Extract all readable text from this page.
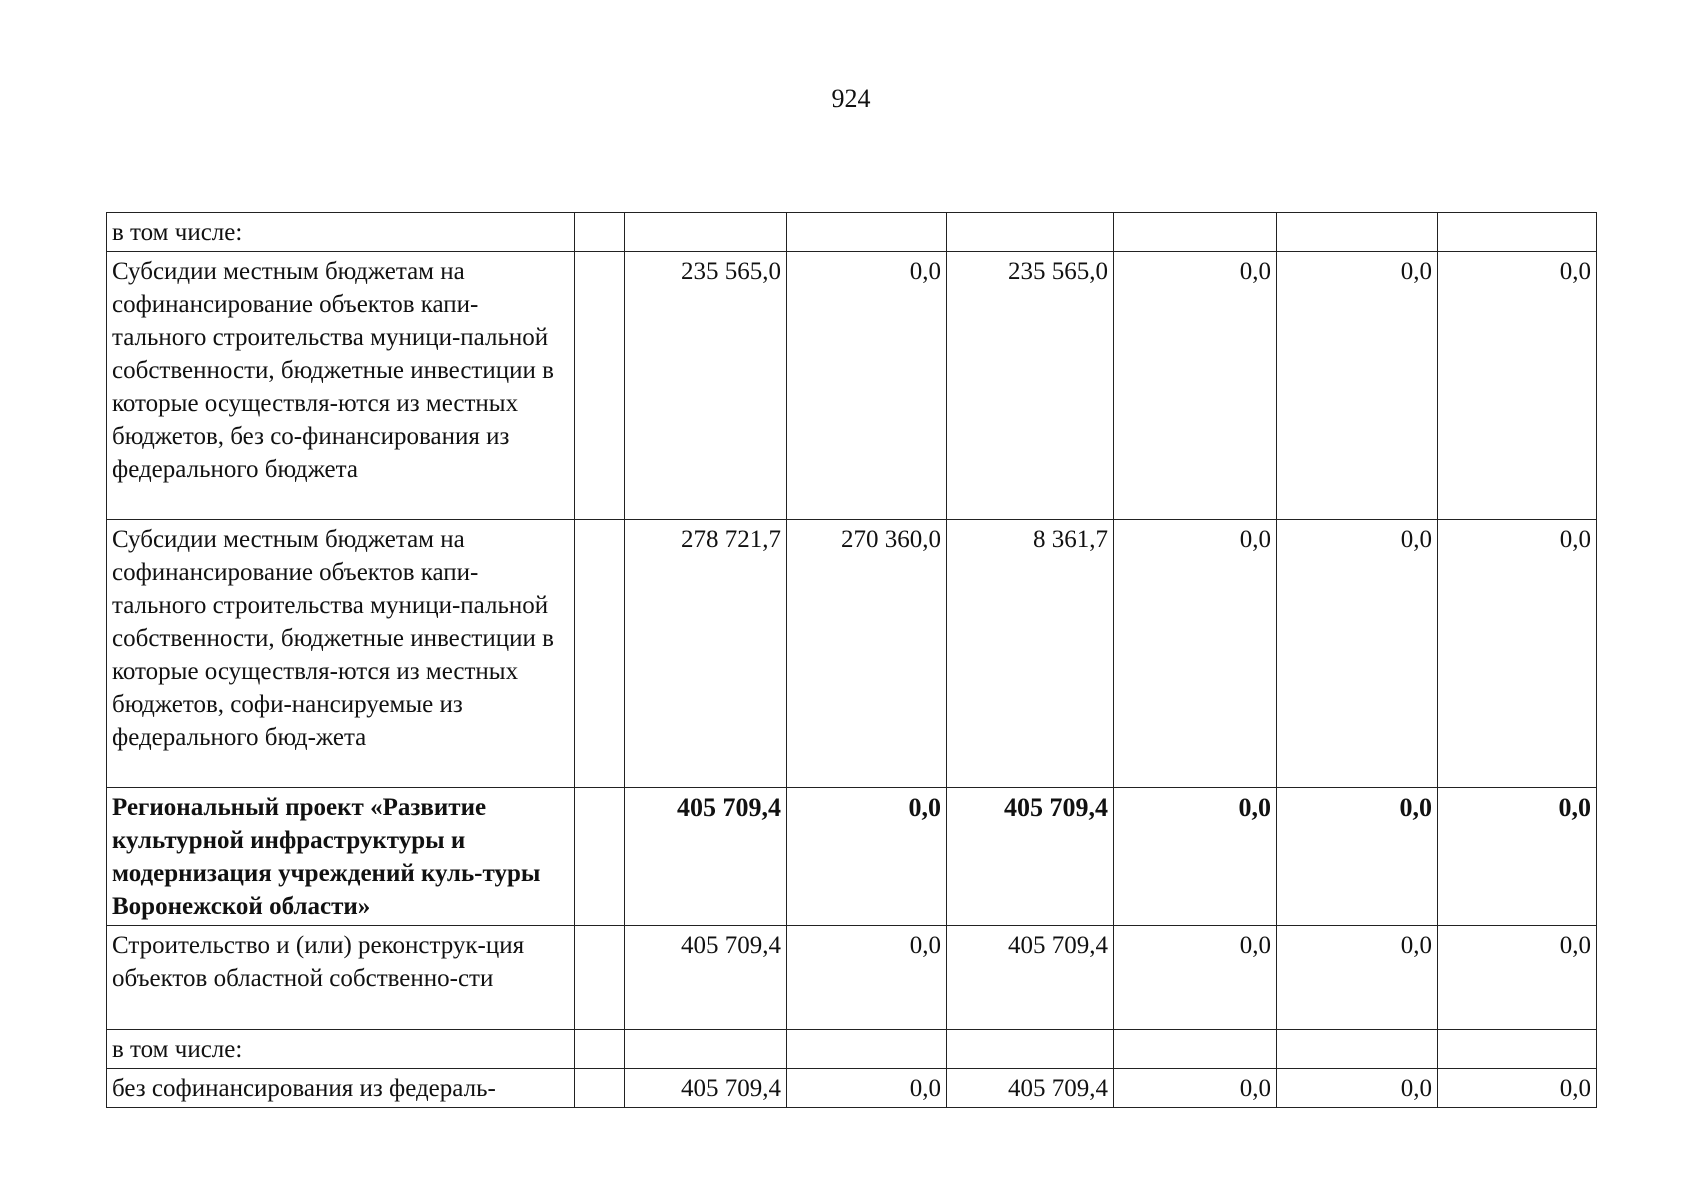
924
в том числе:							
Субсидии местным бюджетам на софинансирование объектов капи-тального строительства муници-пальной собственности, бюджетные инвестиции в которые осуществля-ются из местных бюджетов, без со-финансирования из федерального бюджета		235 565,0	0,0	235 565,0	0,0	0,0	0,0
Субсидии местным бюджетам на софинансирование объектов капи-тального строительства муници-пальной собственности, бюджетные инвестиции в которые осуществля-ются из местных бюджетов, софи-нансируемые из федерального бюд-жета		278 721,7	270 360,0	8 361,7	0,0	0,0	0,0
Региональный проект «Развитие культурной инфраструктуры и модернизация учреждений куль-туры Воронежской области»		405 709,4	0,0	405 709,4	0,0	0,0	0,0
Строительство и (или) реконструк-ция объектов областной собственно-сти		405 709,4	0,0	405 709,4	0,0	0,0	0,0
в том числе:							
без софинансирования из федераль-		405 709,4	0,0	405 709,4	0,0	0,0	0,0
